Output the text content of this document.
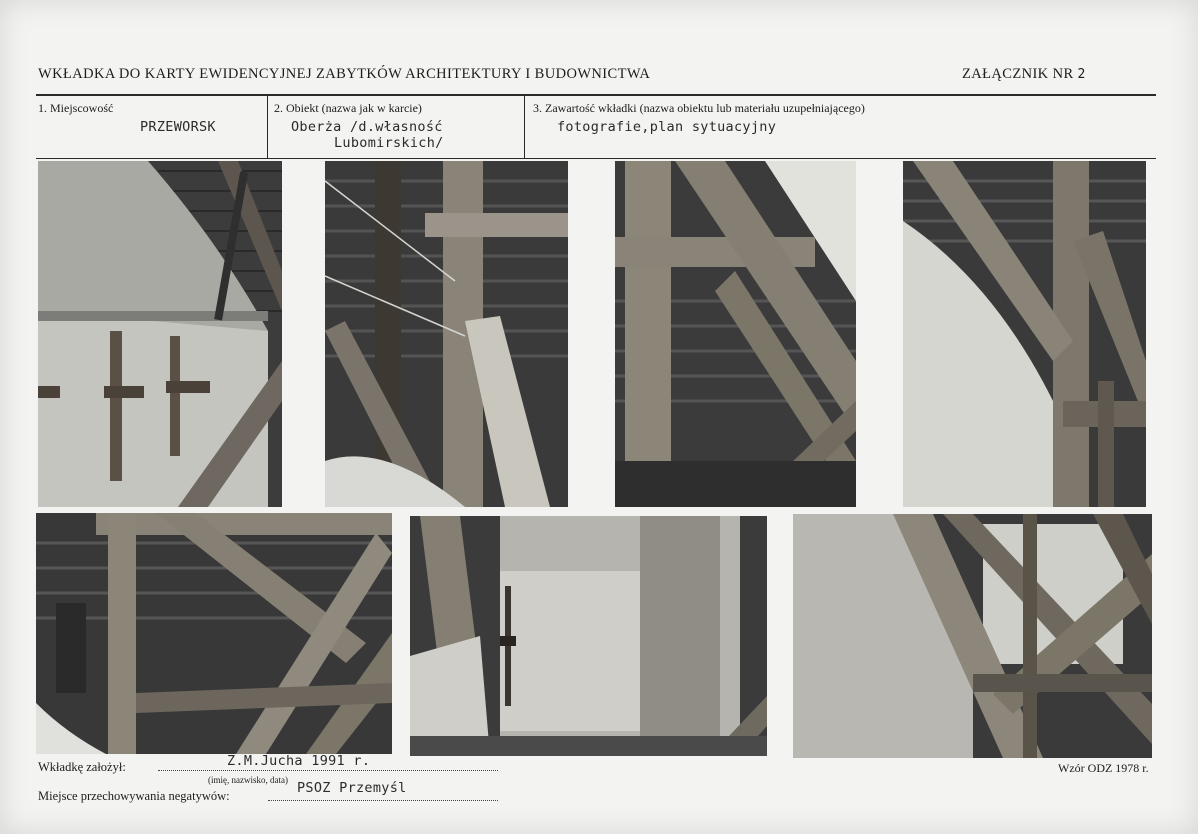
WKŁADKA DO KARTY EWIDENCYJNEJ ZABYTKÓW ARCHITEKTURY I BUDOWNICTWA	ZAŁĄCZNIK NR 2
1. Miejscowość
PRZEWORSK
2. Obiekt (nazwa jak w karcie)
Oberża /d.własność
Lubomirskich/
3. Zawartość wkładki (nazwa obiektu lub materiału uzupełniającego)
fotografie,plan sytuacyjny
Wkładkę założył:	Z.M.Jucha 1991 r.
(imię, nazwisko, data)
Miejsce przechowywania negatywów:	PSOZ Przemyśl
Wzór ODZ 1978 r.
